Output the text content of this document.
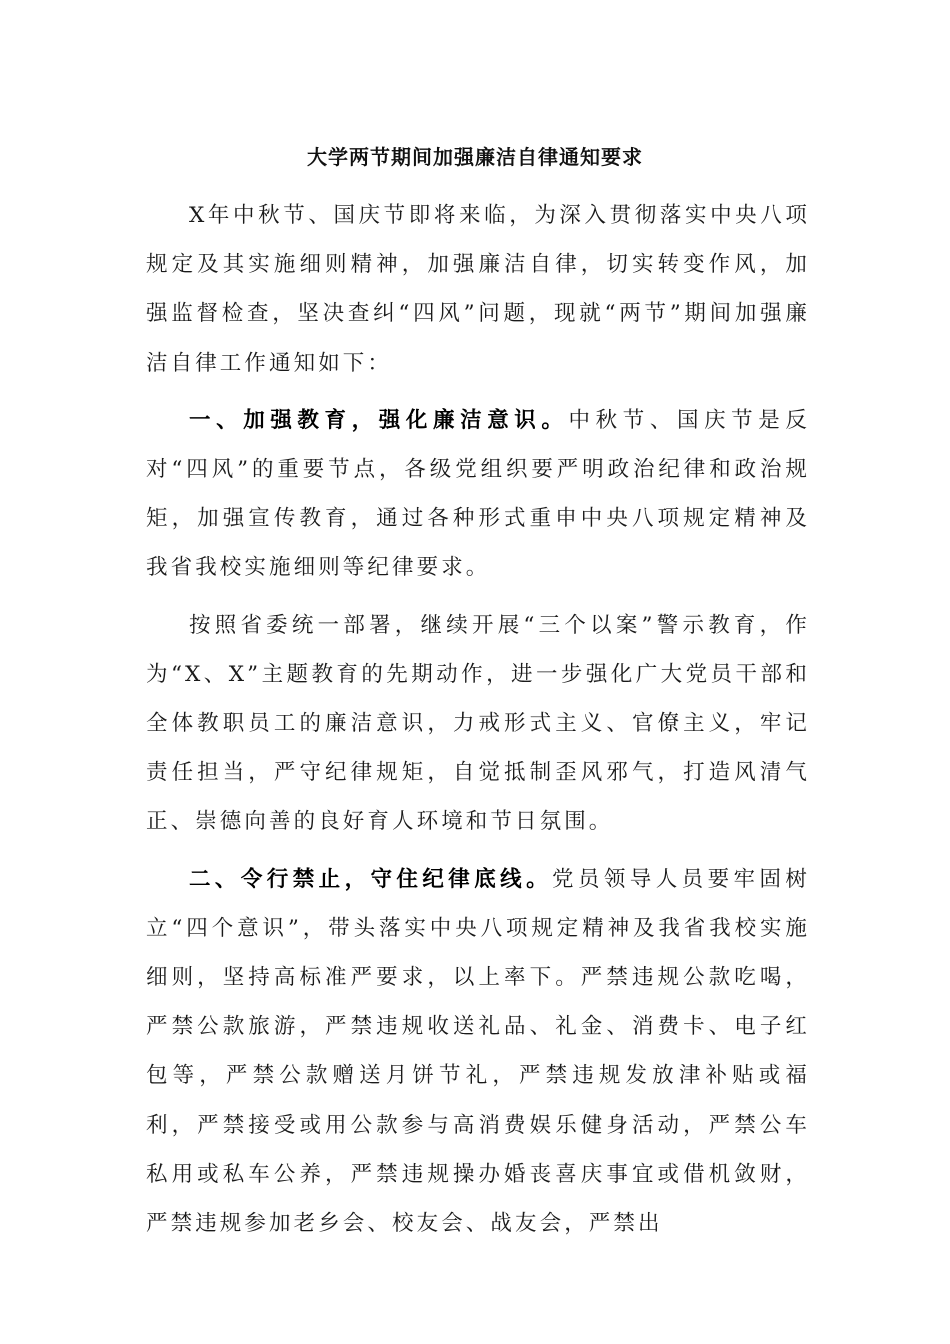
大学两节期间加强廉洁自律通知要求

X年中秋节、国庆节即将来临，为深入贯彻落实中央八项规定及其实施细则精神，加强廉洁自律，切实转变作风，加强监督检查，坚决查纠“四风”问题，现就“两节”期间加强廉洁自律工作通知如下：

一、加强教育，强化廉洁意识。中秋节、国庆节是反对“四风”的重要节点，各级党组织要严明政治纪律和政治规矩，加强宣传教育，通过各种形式重申中央八项规定精神及我省我校实施细则等纪律要求。

按照省委统一部署，继续开展“三个以案”警示教育，作为“X、X”主题教育的先期动作，进一步强化广大党员干部和全体教职员工的廉洁意识，力戒形式主义、官僚主义，牢记责任担当，严守纪律规矩，自觉抵制歪风邪气，打造风清气正、崇德向善的良好育人环境和节日氛围。

二、令行禁止，守住纪律底线。党员领导人员要牢固树立“四个意识”，带头落实中央八项规定精神及我省我校实施细则，坚持高标准严要求，以上率下。严禁违规公款吃喝，严禁公款旅游，严禁违规收送礼品、礼金、消费卡、电子红包等，严禁公款赠送月饼节礼，严禁违规发放津补贴或福利，严禁接受或用公款参与高消费娱乐健身活动，严禁公车私用或私车公养，严禁违规操办婚丧喜庆事宜或借机敛财，严禁违规参加老乡会、校友会、战友会，严禁出
